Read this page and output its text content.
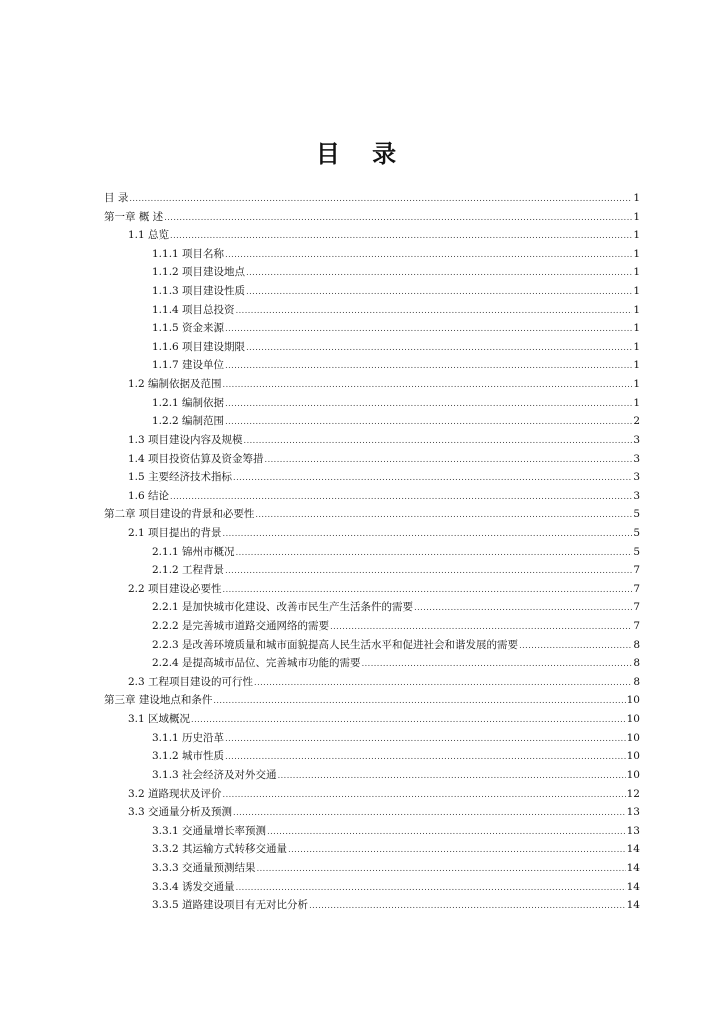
目 录
目 录 .....	1
第一章 概 述 .....	1
1.1 总览 .....	1
1.1.1 项目名称 .....	1
1.1.2 项目建设地点 .....	1
1.1.3 项目建设性质 .....	1
1.1.4 项目总投资 .....	1
1.1.5 资金来源 .....	1
1.1.6 项目建设期限 .....	1
1.1.7 建设单位 .....	1
1.2 编制依据及范围 .....	1
1.2.1 编制依据 .....	1
1.2.2 编制范围 .....	2
1.3 项目建设内容及规模 .....	3
1.4 项目投资估算及资金筹措 .....	3
1.5 主要经济技术指标 .....	3
1.6 结论 .....	3
第二章 项目建设的背景和必要性 .....	5
2.1 项目提出的背景 .....	5
2.1.1 锦州市概况 .....	5
2.1.2 工程背景 .....	7
2.2 项目建设必要性 .....	7
2.2.1 是加快城市化建设、改善市民生产生活条件的需要 .....	7
2.2.2 是完善城市道路交通网络的需要 .....	7
2.2.3 是改善环境质量和城市面貌提高人民生活水平和促进社会和谐发展的需要 .....	8
2.2.4 是提高城市品位、完善城市功能的需要 .....	8
2.3 工程项目建设的可行性 .....	8
第三章 建设地点和条件 .....	10
3.1 区域概况 .....	10
3.1.1 历史沿革 .....	10
3.1.2 城市性质 .....	10
3.1.3 社会经济及对外交通 .....	10
3.2 道路现状及评价 .....	12
3.3 交通量分析及预测 .....	13
3.3.1 交通量增长率预测 .....	13
3.3.2 其运输方式转移交通量 .....	14
3.3.3 交通量预测结果 .....	14
3.3.4 诱发交通量 .....	14
3.3.5 道路建设项目有无对比分析 .....	14
